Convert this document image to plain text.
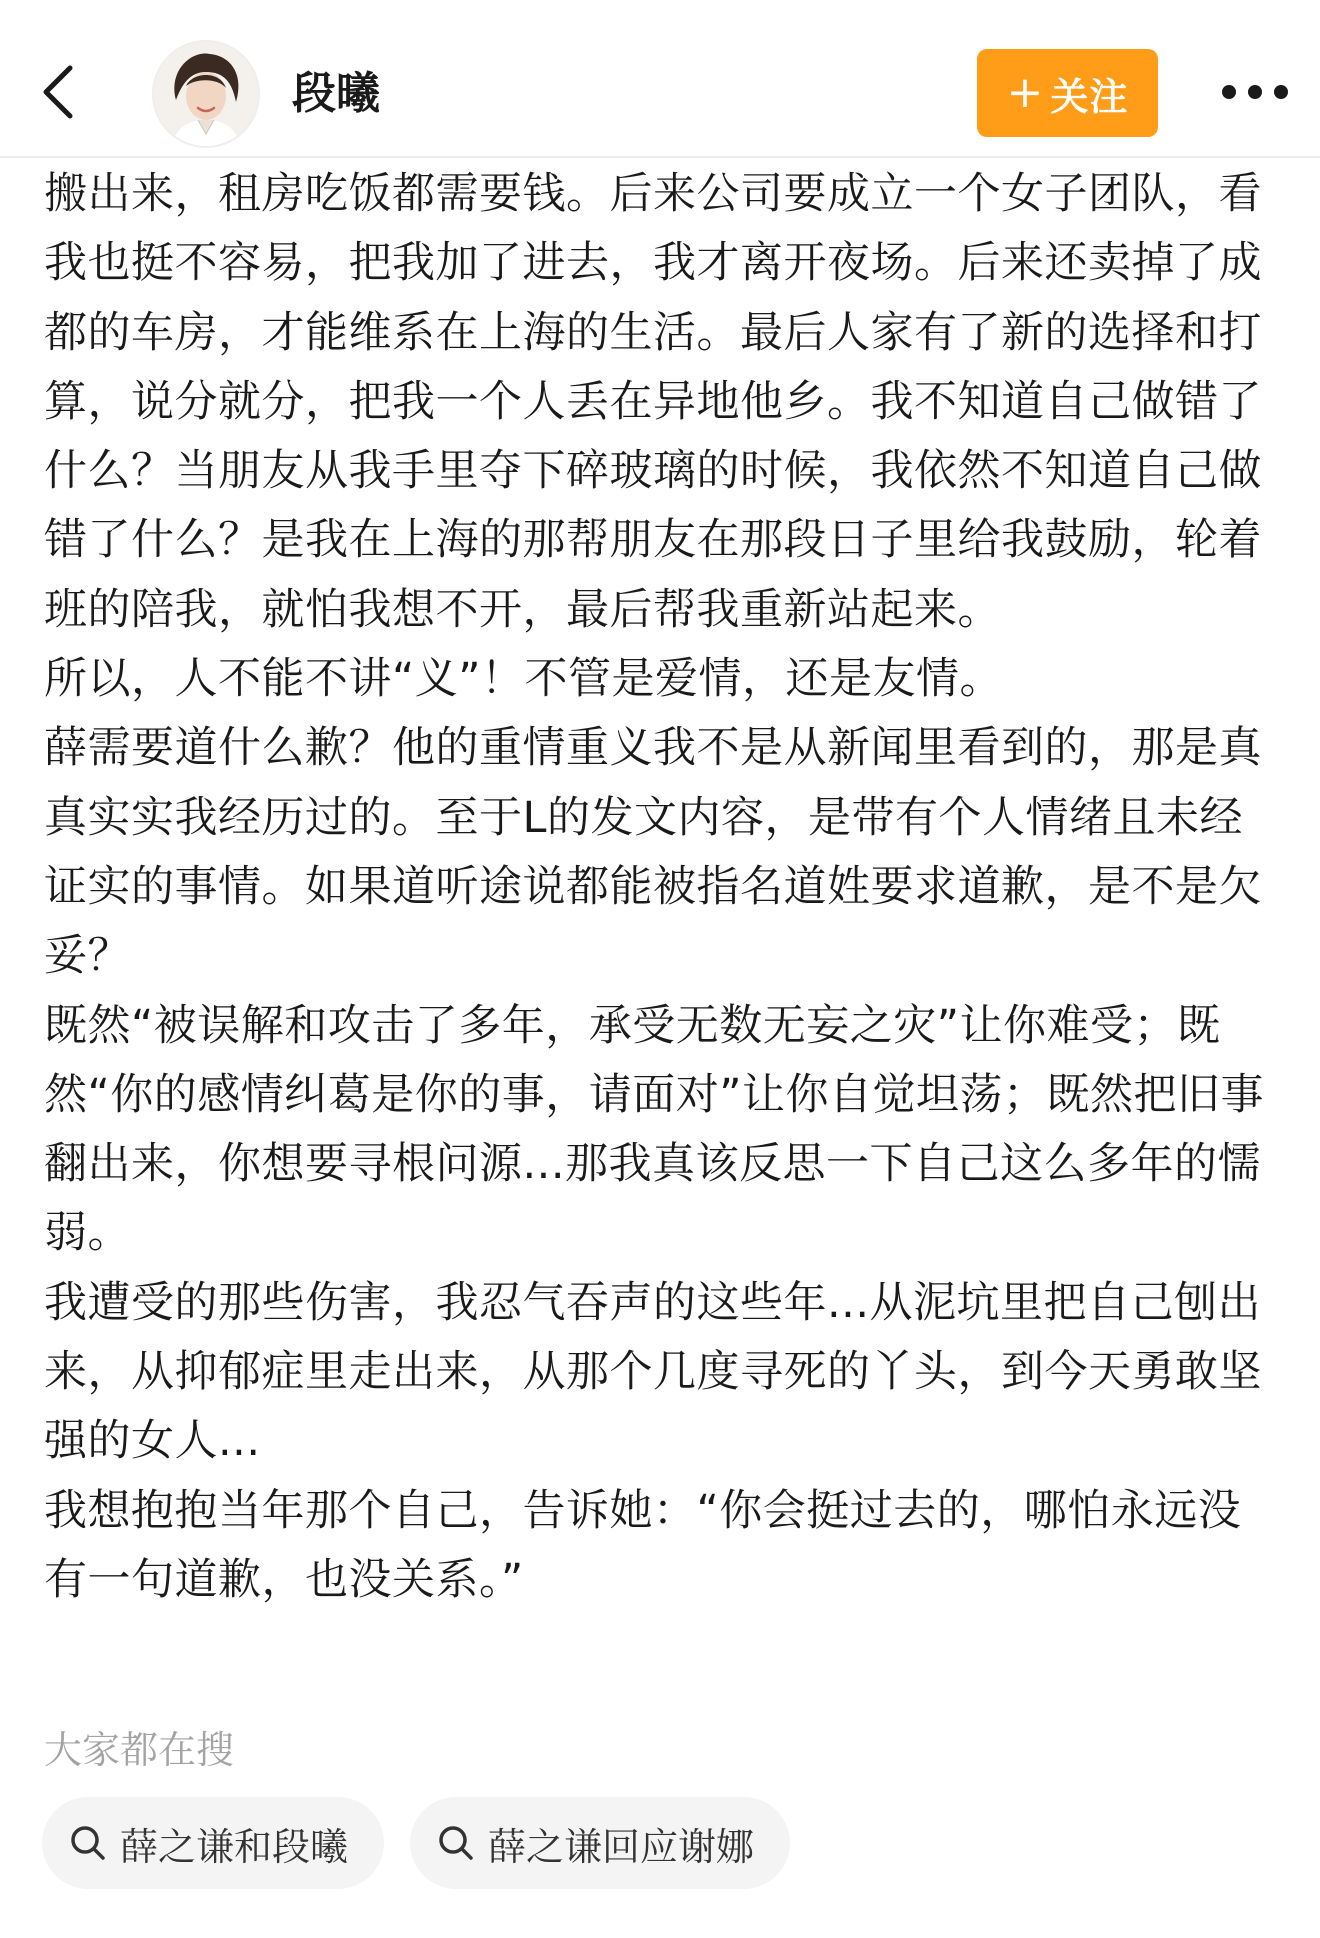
段曦	+ 关注

搬出来，租房吃饭都需要钱。后来公司要成立一个女子团队，看我也挺不容易，把我加了进去，我才离开夜场。后来还卖掉了成都的车房，才能维系在上海的生活。最后人家有了新的选择和打算，说分就分，把我一个人丢在异地他乡。我不知道自己做错了什么？当朋友从我手里夺下碎玻璃的时候，我依然不知道自己做错了什么？是我在上海的那帮朋友在那段日子里给我鼓励，轮着班的陪我，就怕我想不开，最后帮我重新站起来。

所以，人不能不讲“义”！不管是爱情，还是友情。

薛需要道什么歉？他的重情重义我不是从新闻里看到的，那是真真实实我经历过的。至于L的发文内容，是带有个人情绪且未经证实的事情。如果道听途说都能被指名道姓要求道歉，是不是欠妥？

既然“被误解和攻击了多年，承受无数无妄之灾”让你难受；既然“你的感情纠葛是你的事，请面对”让你自觉坦荡；既然把旧事翻出来，你想要寻根问源...那我真该反思一下自己这么多年的懦弱。

我遭受的那些伤害，我忍气吞声的这些年...从泥坑里把自己刨出来，从抑郁症里走出来，从那个几度寻死的丫头，到今天勇敢坚强的女人...

我想抱抱当年那个自己，告诉她：“你会挺过去的，哪怕永远没有一句道歉，也没关系。”

大家都在搜
薛之谦和段曦	薛之谦回应谢娜
